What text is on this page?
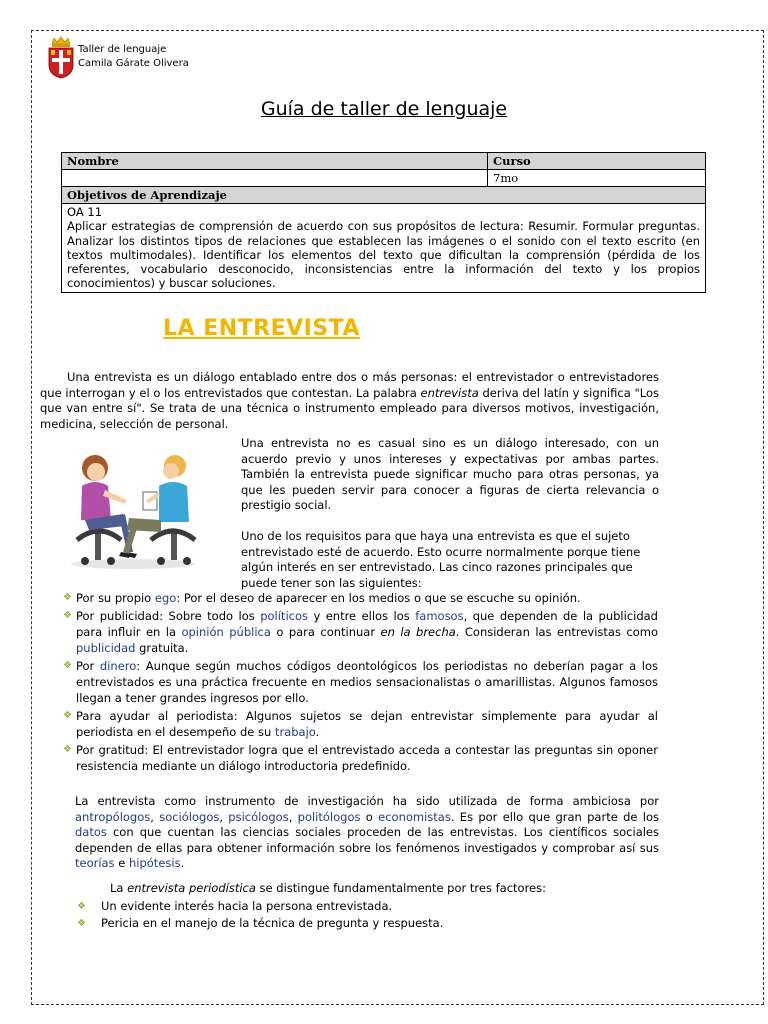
Taller de lenguaje
Camila Gárate Olivera
Guía de taller de lenguaje
Nombre	Curso
	7mo
Objetivos de Aprendizaje	

OA 11
Aplicar estrategias de comprensión de acuerdo con sus propósitos de lectura: Resumir. Formular preguntas. Analizar los distintos tipos de relaciones que establecen las imágenes o el sonido con el texto escrito (en textos multimodales). Identificar los elementos del texto que dificultan la comprensión (pérdida de los referentes, vocabulario desconocido, inconsistencias entre la información del texto y los propios conocimientos) y buscar soluciones.	
LA ENTREVISTA
Una entrevista es un diálogo entablado entre dos o más personas: el entrevistador o entrevistadores que interrogan y el o los entrevistados que contestan. La palabra entrevista deriva del latín y significa "Los que van entre sí". Se trata de una técnica o instrumento empleado para diversos motivos, investigación, medicina, selección de personal.
Una entrevista no es casual sino es un diálogo interesado, con un acuerdo previo y unos intereses y expectativas por ambas partes. También la entrevista puede significar mucho para otras personas, ya que les pueden servir para conocer a figuras de cierta relevancia o prestigio social.
Uno de los requisitos para que haya una entrevista es que el sujeto entrevistado esté de acuerdo. Esto ocurre normalmente porque tiene algún interés en ser entrevistado. Las cinco razones principales que puede tener son las siguientes:
❖ Por su propio ego: Por el deseo de aparecer en los medios o que se escuche su opinión.
❖ Por publicidad: Sobre todo los políticos y entre ellos los famosos, que dependen de la publicidad para influir en la opinión pública o para continuar en la brecha. Consideran las entrevistas como publicidad gratuita.
❖ Por dinero: Aunque según muchos códigos deontológicos los periodistas no deberían pagar a los entrevistados es una práctica frecuente en medios sensacionalistas o amarillistas. Algunos famosos llegan a tener grandes ingresos por ello.
❖ Para ayudar al periodista: Algunos sujetos se dejan entrevistar simplemente para ayudar al periodista en el desempeño de su trabajo.
❖ Por gratitud: El entrevistador logra que el entrevistado acceda a contestar las preguntas sin oponer resistencia mediante un diálogo introductoria predefinido.
La entrevista como instrumento de investigación ha sido utilizada de forma ambiciosa por antropólogos, sociólogos, psicólogos, politólogos o economistas. Es por ello que gran parte de los datos con que cuentan las ciencias sociales proceden de las entrevistas. Los científicos sociales dependen de ellas para obtener información sobre los fenómenos investigados y comprobar así sus teorías e hipótesis.
La entrevista periodística se distingue fundamentalmente por tres factores:
❖ Un evidente interés hacia la persona entrevistada.
❖ Pericia en el manejo de la técnica de pregunta y respuesta.
